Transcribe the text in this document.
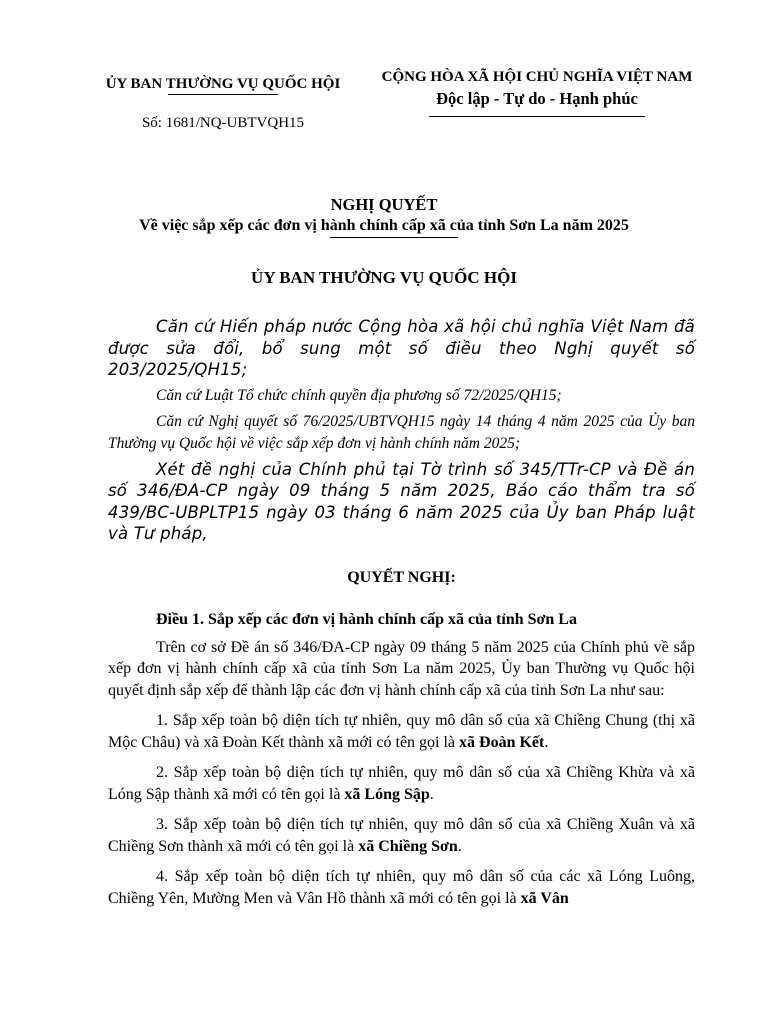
ỦY BAN THƯỜNG VỤ QUỐC HỘI
Số: 1681/NQ-UBTVQH15
CỘNG HÒA XÃ HỘI CHỦ NGHĨA VIỆT NAM
Độc lập - Tự do - Hạnh phúc
NGHỊ QUYẾT
Về việc sắp xếp các đơn vị hành chính cấp xã của tỉnh Sơn La năm 2025
ỦY BAN THƯỜNG VỤ QUỐC HỘI

Căn cứ Hiến pháp nước Cộng hòa xã hội chủ nghĩa Việt Nam đã được sửa đổi, bổ sung một số điều theo Nghị quyết số 203/2025/QH15;

Căn cứ Luật Tổ chức chính quyền địa phương số 72/2025/QH15;

Căn cứ Nghị quyết số 76/2025/UBTVQH15 ngày 14 tháng 4 năm 2025 của Ủy ban Thường vụ Quốc hội về việc sắp xếp đơn vị hành chính năm 2025;

Xét đề nghị của Chính phủ tại Tờ trình số 345/TTr-CP và Đề án số 346/ĐA-CP ngày 09 tháng 5 năm 2025, Báo cáo thẩm tra số 439/BC-UBPLTP15 ngày 03 tháng 6 năm 2025 của Ủy ban Pháp luật và Tư pháp,

QUYẾT NGHỊ:

Điều 1. Sắp xếp các đơn vị hành chính cấp xã của tỉnh Sơn La

Trên cơ sở Đề án số 346/ĐA-CP ngày 09 tháng 5 năm 2025 của Chính phủ về sắp xếp đơn vị hành chính cấp xã của tỉnh Sơn La năm 2025, Ủy ban Thường vụ Quốc hội quyết định sắp xếp để thành lập các đơn vị hành chính cấp xã của tỉnh Sơn La như sau:

1. Sắp xếp toàn bộ diện tích tự nhiên, quy mô dân số của xã Chiềng Chung (thị xã Mộc Châu) và xã Đoàn Kết thành xã mới có tên gọi là xã Đoàn Kết.

2. Sắp xếp toàn bộ diện tích tự nhiên, quy mô dân số của xã Chiềng Khừa và xã Lóng Sập thành xã mới có tên gọi là xã Lóng Sập.

3. Sắp xếp toàn bộ diện tích tự nhiên, quy mô dân số của xã Chiềng Xuân và xã Chiềng Sơn thành xã mới có tên gọi là xã Chiềng Sơn.

4. Sắp xếp toàn bộ diện tích tự nhiên, quy mô dân số của các xã Lóng Luông, Chiềng Yên, Mường Men và Vân Hồ thành xã mới có tên gọi là xã Vân
